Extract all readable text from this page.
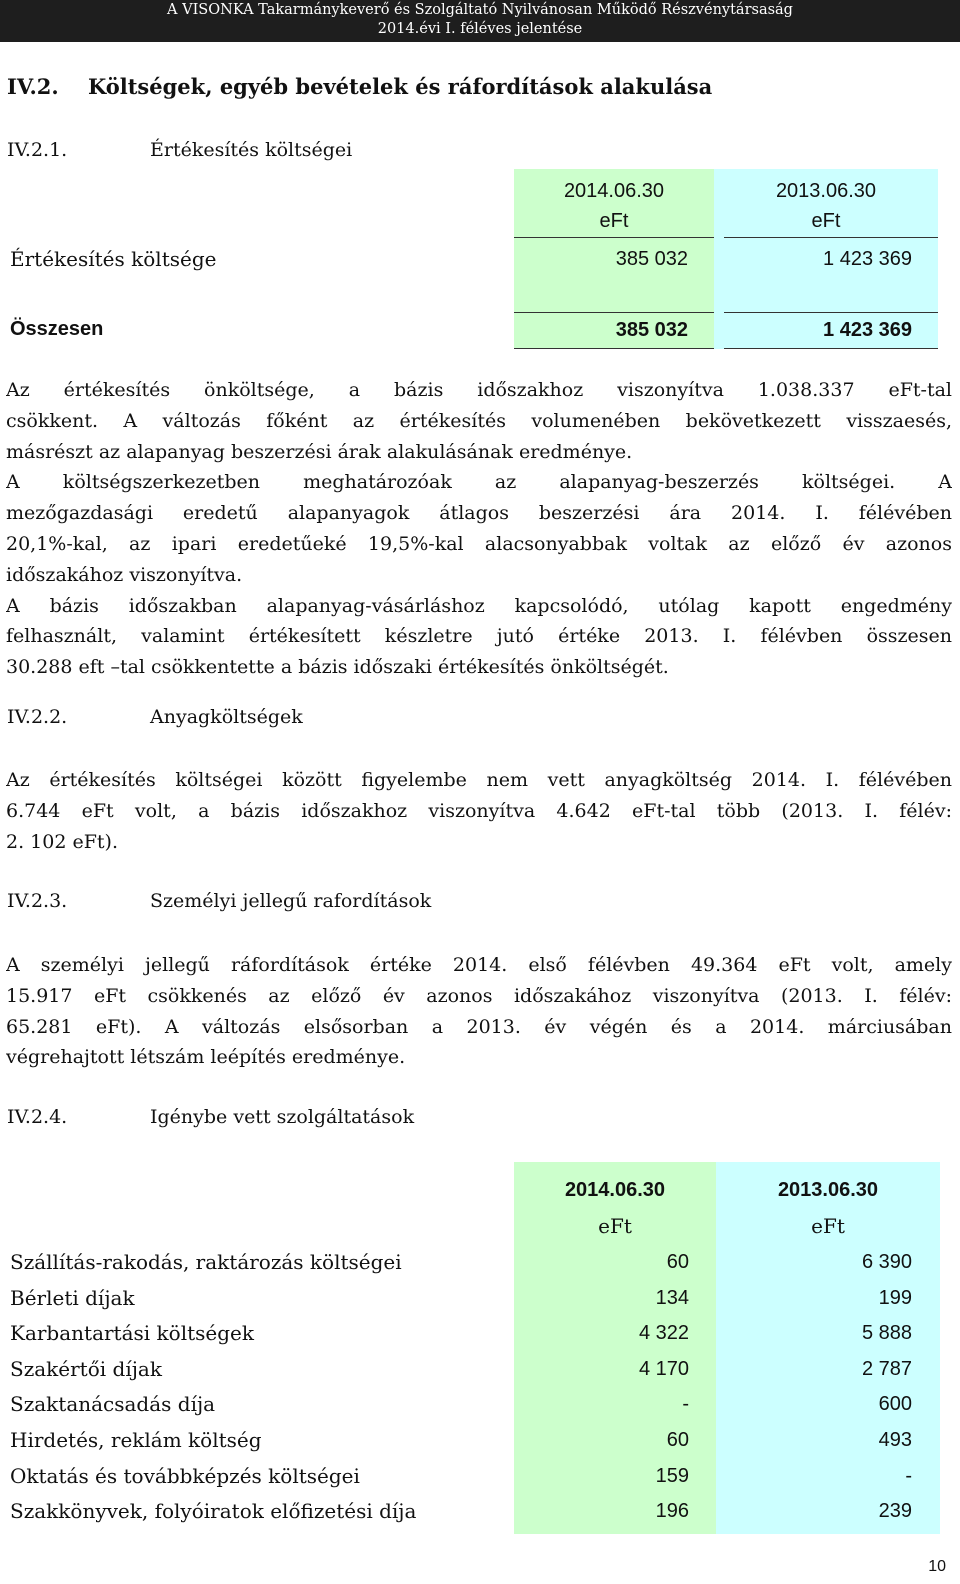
A VISONKA Takarmánykeverő és Szolgáltató Nyilvánosan Működő Részvénytársaság
2014.évi I. féléves jelentése
IV.2. Költségek, egyéb bevételek és ráfordítások alakulása
IV.2.1.	Értékesítés költségei
2014.06.30
eFt
2013.06.30
eFt
Értékesítés költsége	385 032	1 423 369
Összesen	385 032	1 423 369
Az értékesítés önköltsége, a bázis időszakhoz viszonyítva 1.038.337 eFt-tal
csökkent. A változás főként az értékesítés volumenében bekövetkezett visszaesés,
másrészt az alapanyag beszerzési árak alakulásának eredménye.
A költségszerkezetben meghatározóak az alapanyag-beszerzés költségei. A
mezőgazdasági eredetű alapanyagok átlagos beszerzési ára 2014. I. félévében
20,1%-kal, az ipari eredetűeké 19,5%-kal alacsonyabbak voltak az előző év azonos
időszakához viszonyítva.
A bázis időszakban alapanyag-vásárláshoz kapcsolódó, utólag kapott engedmény
felhasznált, valamint értékesített készletre jutó értéke 2013. I. félévben összesen
30.288 eft –tal csökkentette a bázis időszaki értékesítés önköltségét.
IV.2.2.	Anyagköltségek
Az értékesítés költségei között figyelembe nem vett anyagköltség 2014. I. félévében
6.744 eFt volt, a bázis időszakhoz viszonyítva 4.642 eFt-tal több (2013. I. félév:
2. 102 eFt).
IV.2.3.	Személyi jellegű rafordítások
A személyi jellegű ráfordítások értéke 2014. első félévben 49.364 eFt volt, amely
15.917 eFt csökkenés az előző év azonos időszakához viszonyítva (2013. I. félév:
65.281 eFt). A változás elsősorban a 2013. év végén és a 2014. márciusában
végrehajtott létszám leépítés eredménye.
IV.2.4.	Igénybe vett szolgáltatások
2014.06.30
eFt
2013.06.30
eFt
Szállítás-rakodás, raktározás költségei	60	6 390
Bérleti díjak	134	199
Karbantartási költségek	4 322	5 888
Szakértői díjak	4 170	2 787
Szaktanácsadás díja	-	600
Hirdetés, reklám költség	60	493
Oktatás és továbbképzés költségei	159	-
Szakkönyvek, folyóiratok előfizetési díja	196	239
10
